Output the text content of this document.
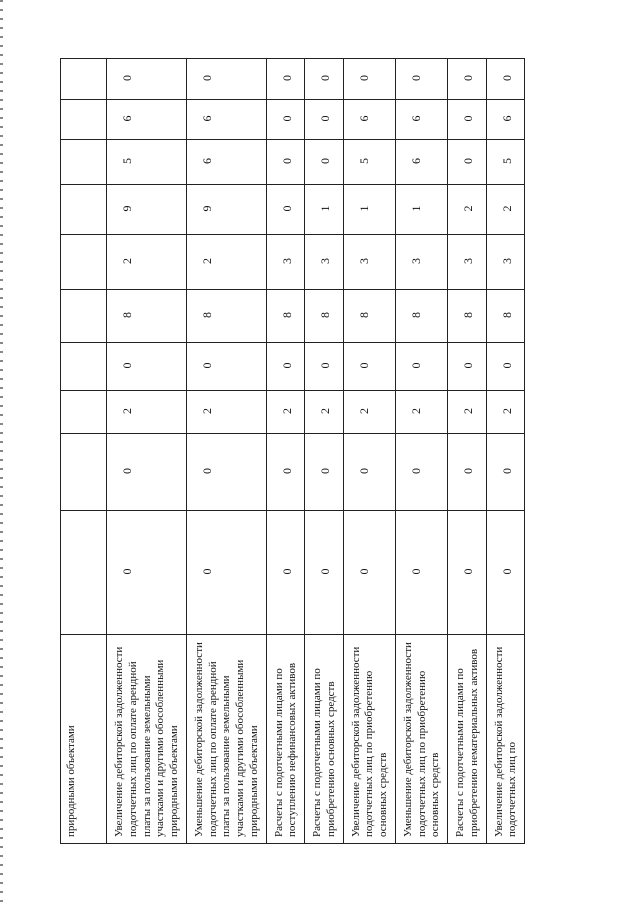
природными объектами										
Увеличение дебиторской задолженности подотчетных лиц по оплате арендной платы за пользование земельными участками и другими обособленными природными объектами	0	0	2	0	8	2	9	5	6	0
Уменьшение дебиторской задолженности подотчетных лиц по оплате арендной платы за пользование земельными участками и другими обособленными природными объектами	0	0	2	0	8	2	9	6	6	0
Расчеты с подотчетными лицами по поступлению нефинансовых активов	0	0	2	0	8	3	0	0	0	0
Расчеты с подотчетными лицами по приобретению основных средств	0	0	2	0	8	3	1	0	0	0
Увеличение дебиторской задолженности подотчетных лиц по приобретению основных средств	0	0	2	0	8	3	1	5	6	0
Уменьшение дебиторской задолженности подотчетных лиц по приобретению основных средств	0	0	2	0	8	3	1	6	6	0
Расчеты с подотчетными лицами по приобретению нематериальных активов	0	0	2	0	8	3	2	0	0	0
Увеличение дебиторской задолженности подотчетных лиц по	0	0	2	0	8	3	2	5	6	0
